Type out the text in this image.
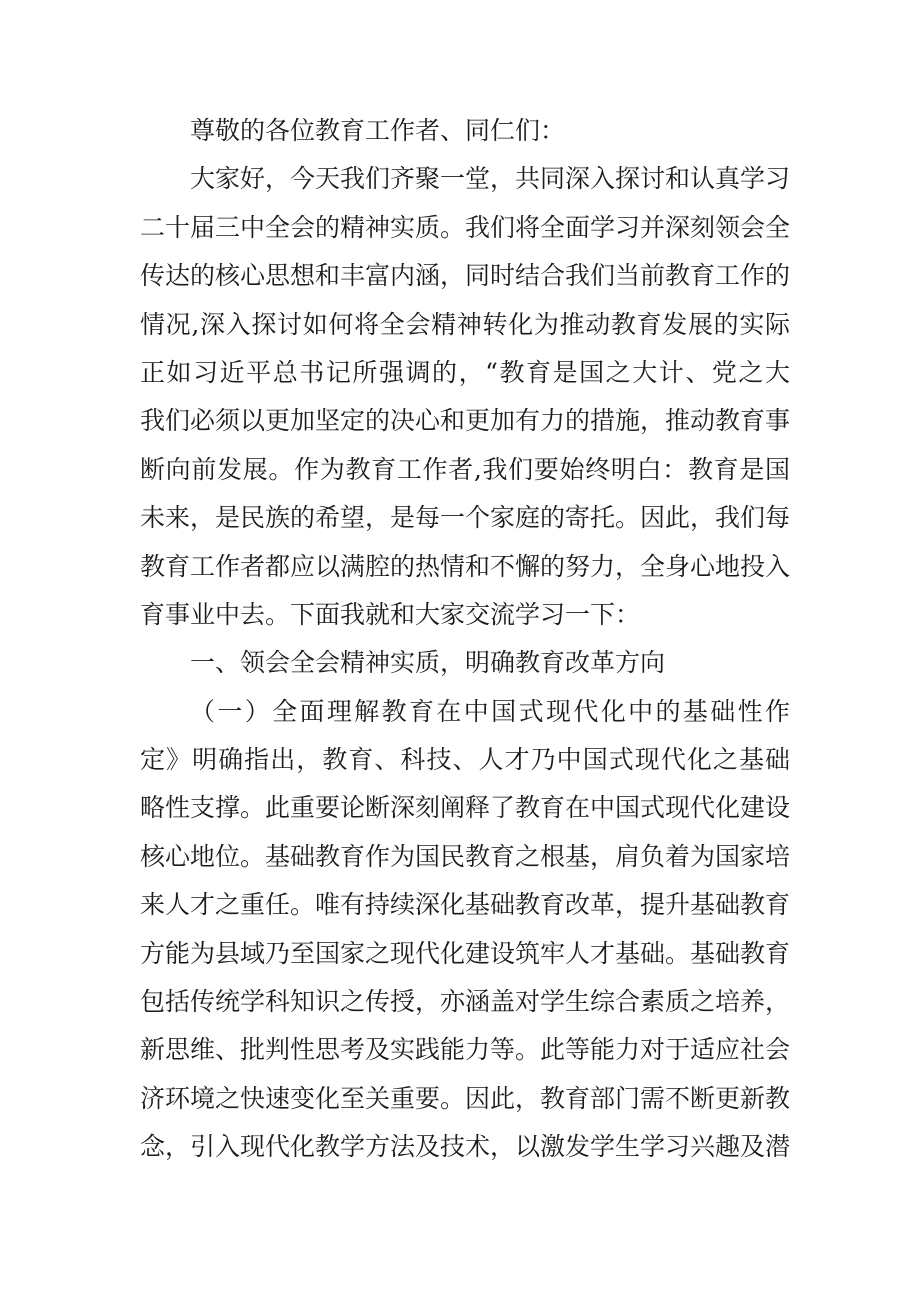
尊敬的各位教育工作者、同仁们：
大家好，今天我们齐聚一堂，共同深入探讨和认真学习
二十届三中全会的精神实质。我们将全面学习并深刻领会全
传达的核心思想和丰富内涵，同时结合我们当前教育工作的
情况,深入探讨如何将全会精神转化为推动教育发展的实际
正如习近平总书记所强调的，“教育是国之大计、党之大
我们必须以更加坚定的决心和更加有力的措施，推动教育事
断向前发展。作为教育工作者,我们要始终明白：教育是国
未来，是民族的希望，是每一个家庭的寄托。因此，我们每
教育工作者都应以满腔的热情和不懈的努力，全身心地投入
育事业中去。下面我就和大家交流学习一下：
一、领会全会精神实质，明确教育改革方向
（一）全面理解教育在中国式现代化中的基础性作
定》明确指出，教育、科技、人才乃中国式现代化之基础
略性支撑。此重要论断深刻阐释了教育在中国式现代化建设
核心地位。基础教育作为国民教育之根基，肩负着为国家培
来人才之重任。唯有持续深化基础教育改革，提升基础教育
方能为县域乃至国家之现代化建设筑牢人才基础。基础教育
包括传统学科知识之传授，亦涵盖对学生综合素质之培养，
新思维、批判性思考及实践能力等。此等能力对于适应社会
济环境之快速变化至关重要。因此，教育部门需不断更新教
念，引入现代化教学方法及技术，以激发学生学习兴趣及潜
